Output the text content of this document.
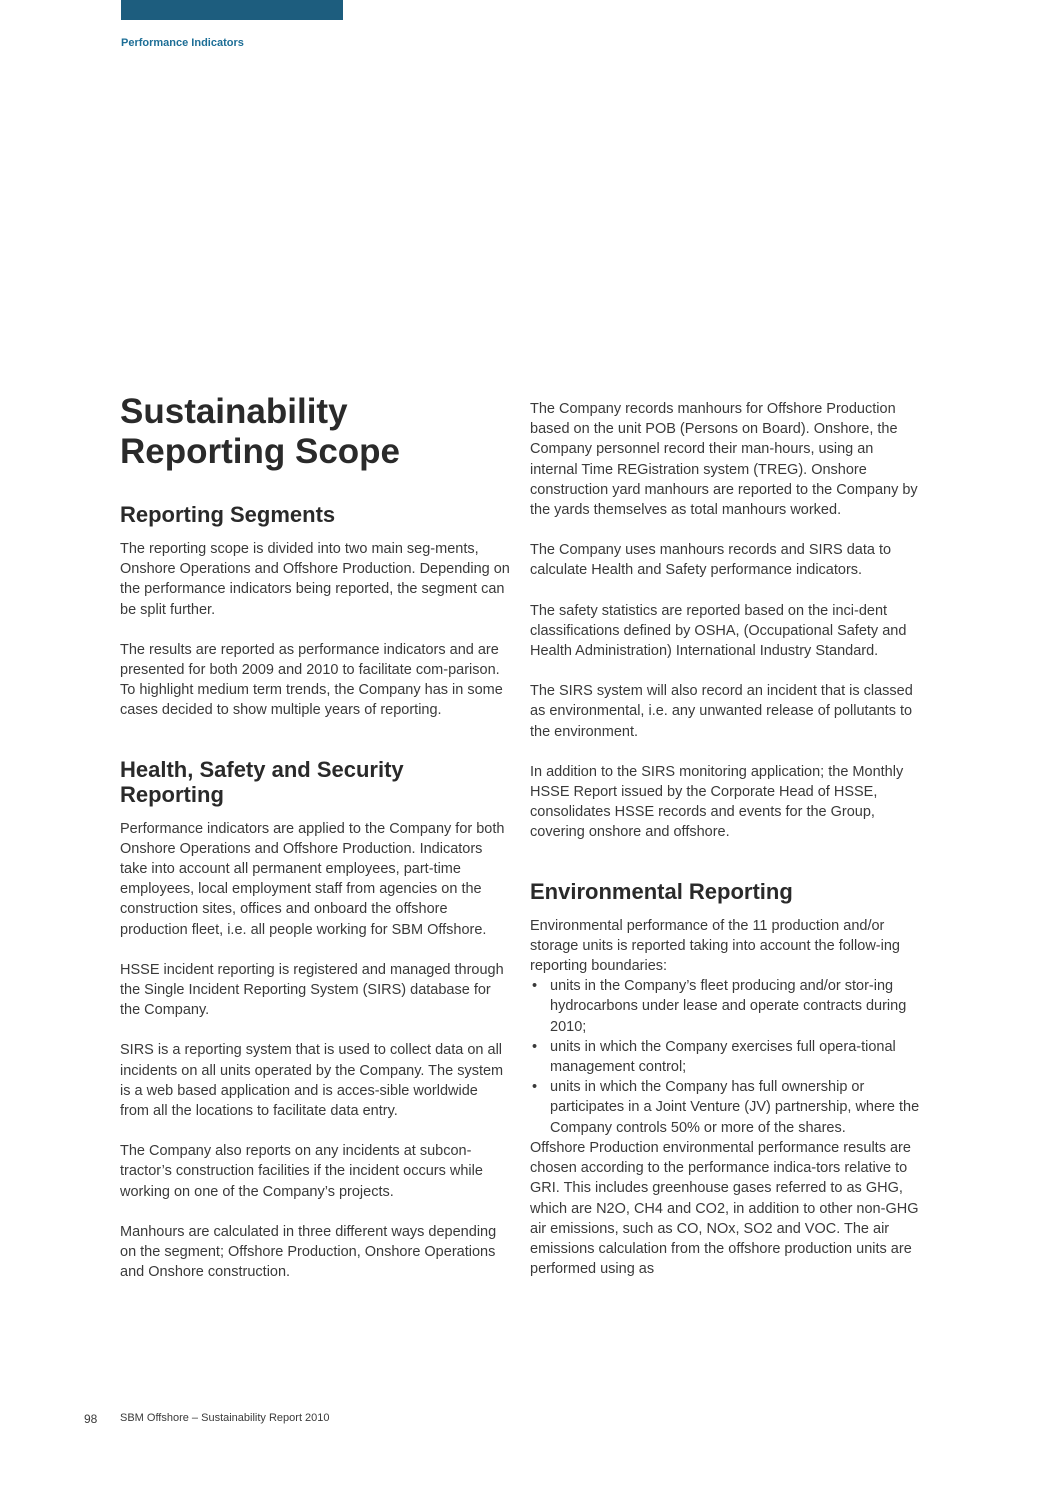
Performance Indicators
Sustainability Reporting Scope
Reporting Segments

The reporting scope is divided into two main seg-ments, Onshore Operations and Offshore Production. Depending on the performance indicators being reported, the segment can be split further.

The results are reported as performance indicators and are presented for both 2009 and 2010 to facilitate com-parison. To highlight medium term trends, the Company has in some cases decided to show multiple years of reporting.

Health, Safety and Security Reporting

Performance indicators are applied to the Company for both Onshore Operations and Offshore Production. Indicators take into account all permanent employees, part-time employees, local employment staff from agencies on the construction sites, offices and onboard the offshore production fleet, i.e. all people working for SBM Offshore.

HSSE incident reporting is registered and managed through the Single Incident Reporting System (SIRS) database for the Company.

SIRS is a reporting system that is used to collect data on all incidents on all units operated by the Company. The system is a web based application and is acces-sible worldwide from all the locations to facilitate data entry.

The Company also reports on any incidents at subcon-tractor’s construction facilities if the incident occurs while working on one of the Company’s projects.

Manhours are calculated in three different ways depending on the segment; Offshore Production, Onshore Operations and Onshore construction.

The Company records manhours for Offshore Production based on the unit POB (Persons on Board). Onshore, the Company personnel record their man-hours, using an internal Time REGistration system (TREG). Onshore construction yard manhours are reported to the Company by the yards themselves as total manhours worked.

The Company uses manhours records and SIRS data to calculate Health and Safety performance indicators.

The safety statistics are reported based on the inci-dent classifications defined by OSHA, (Occupational Safety and Health Administration) International Industry Standard.

The SIRS system will also record an incident that is classed as environmental, i.e. any unwanted release of pollutants to the environment.

In addition to the SIRS monitoring application; the Monthly HSSE Report issued by the Corporate Head of HSSE, consolidates HSSE records and events for the Group, covering onshore and offshore.

Environmental Reporting

Environmental performance of the 11 production and/or storage units is reported taking into account the follow-ing reporting boundaries:

• units in the Company’s fleet producing and/or stor-ing hydrocarbons under lease and operate contracts during 2010;
• units in which the Company exercises full opera-tional management control;
• units in which the Company has full ownership or participates in a Joint Venture (JV) partnership, where the Company controls 50% or more of the shares.

Offshore Production environmental performance results are chosen according to the performance indica-tors relative to GRI. This includes greenhouse gases referred to as GHG, which are N2O, CH4 and CO2, in addition to other non-GHG air emissions, such as CO, NOx, SO2 and VOC. The air emissions calculation from the offshore production units are performed using as

98 SBM Offshore – Sustainability Report 2010
